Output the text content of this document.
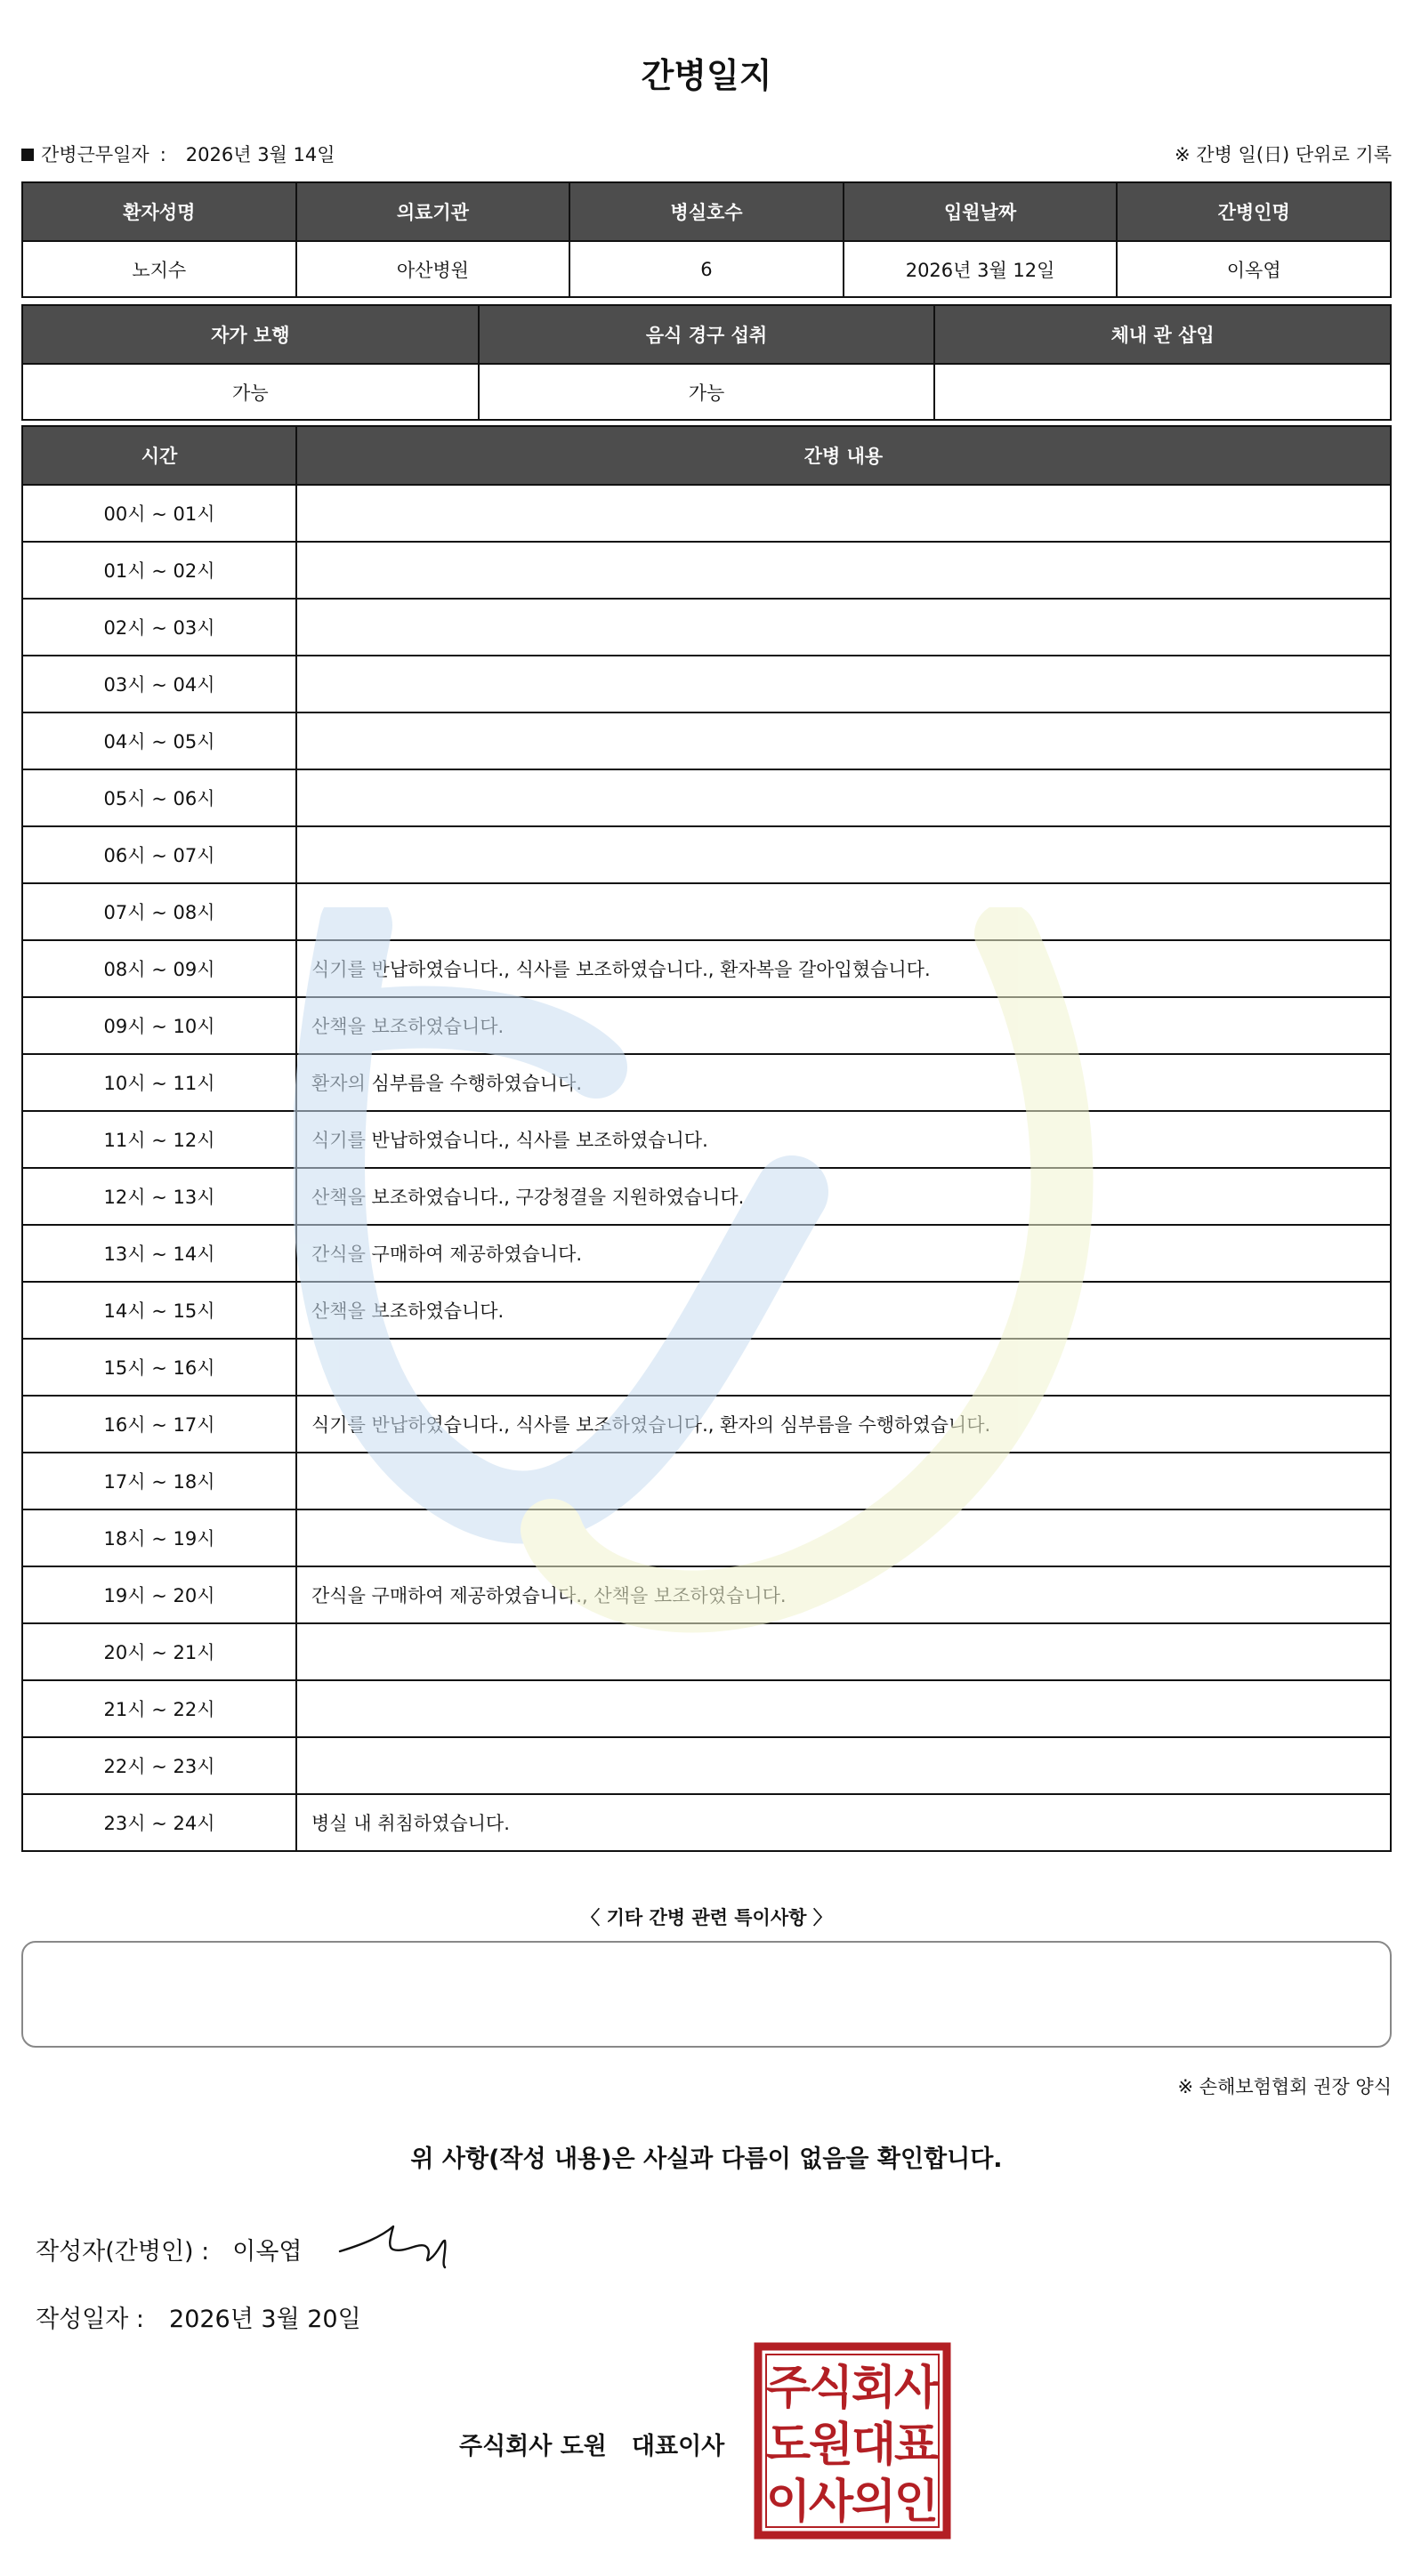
간병일지
간병근무일자 : 2026년 3월 14일	※ 간병 일(日) 단위로 기록
환자성명	의료기관	병실호수	입원날짜	간병인명
노지수	아산병원	6	2026년 3월 12일	이옥엽
자가 보행	음식 경구 섭취	체내 관 삽입
가능	가능	
시간	간병 내용
00시 ~ 01시	
01시 ~ 02시	
02시 ~ 03시	
03시 ~ 04시	
04시 ~ 05시	
05시 ~ 06시	
06시 ~ 07시	
07시 ~ 08시	
08시 ~ 09시	식기를 반납하였습니다., 식사를 보조하였습니다., 환자복을 갈아입혔습니다.
09시 ~ 10시	산책을 보조하였습니다.
10시 ~ 11시	환자의 심부름을 수행하였습니다.
11시 ~ 12시	식기를 반납하였습니다., 식사를 보조하였습니다.
12시 ~ 13시	산책을 보조하였습니다., 구강청결을 지원하였습니다.
13시 ~ 14시	간식을 구매하여 제공하였습니다.
14시 ~ 15시	산책을 보조하였습니다.
15시 ~ 16시	
16시 ~ 17시	식기를 반납하였습니다., 식사를 보조하였습니다., 환자의 심부름을 수행하였습니다.
17시 ~ 18시	
18시 ~ 19시	
19시 ~ 20시	간식을 구매하여 제공하였습니다., 산책을 보조하였습니다.
20시 ~ 21시	
21시 ~ 22시	
22시 ~ 23시	
23시 ~ 24시	병실 내 취침하였습니다.
〈 기타 간병 관련 특이사항 〉
※ 손해보험협회 권장 양식
위 사항(작성 내용)은 사실과 다름이 없음을 확인합니다.
작성자(간병인) : 이옥엽
작성일자 : 2026년 3월 20일
주식회사 도원 대표이사
주
식
회
사
도
원
대
표
이
사
의
인
